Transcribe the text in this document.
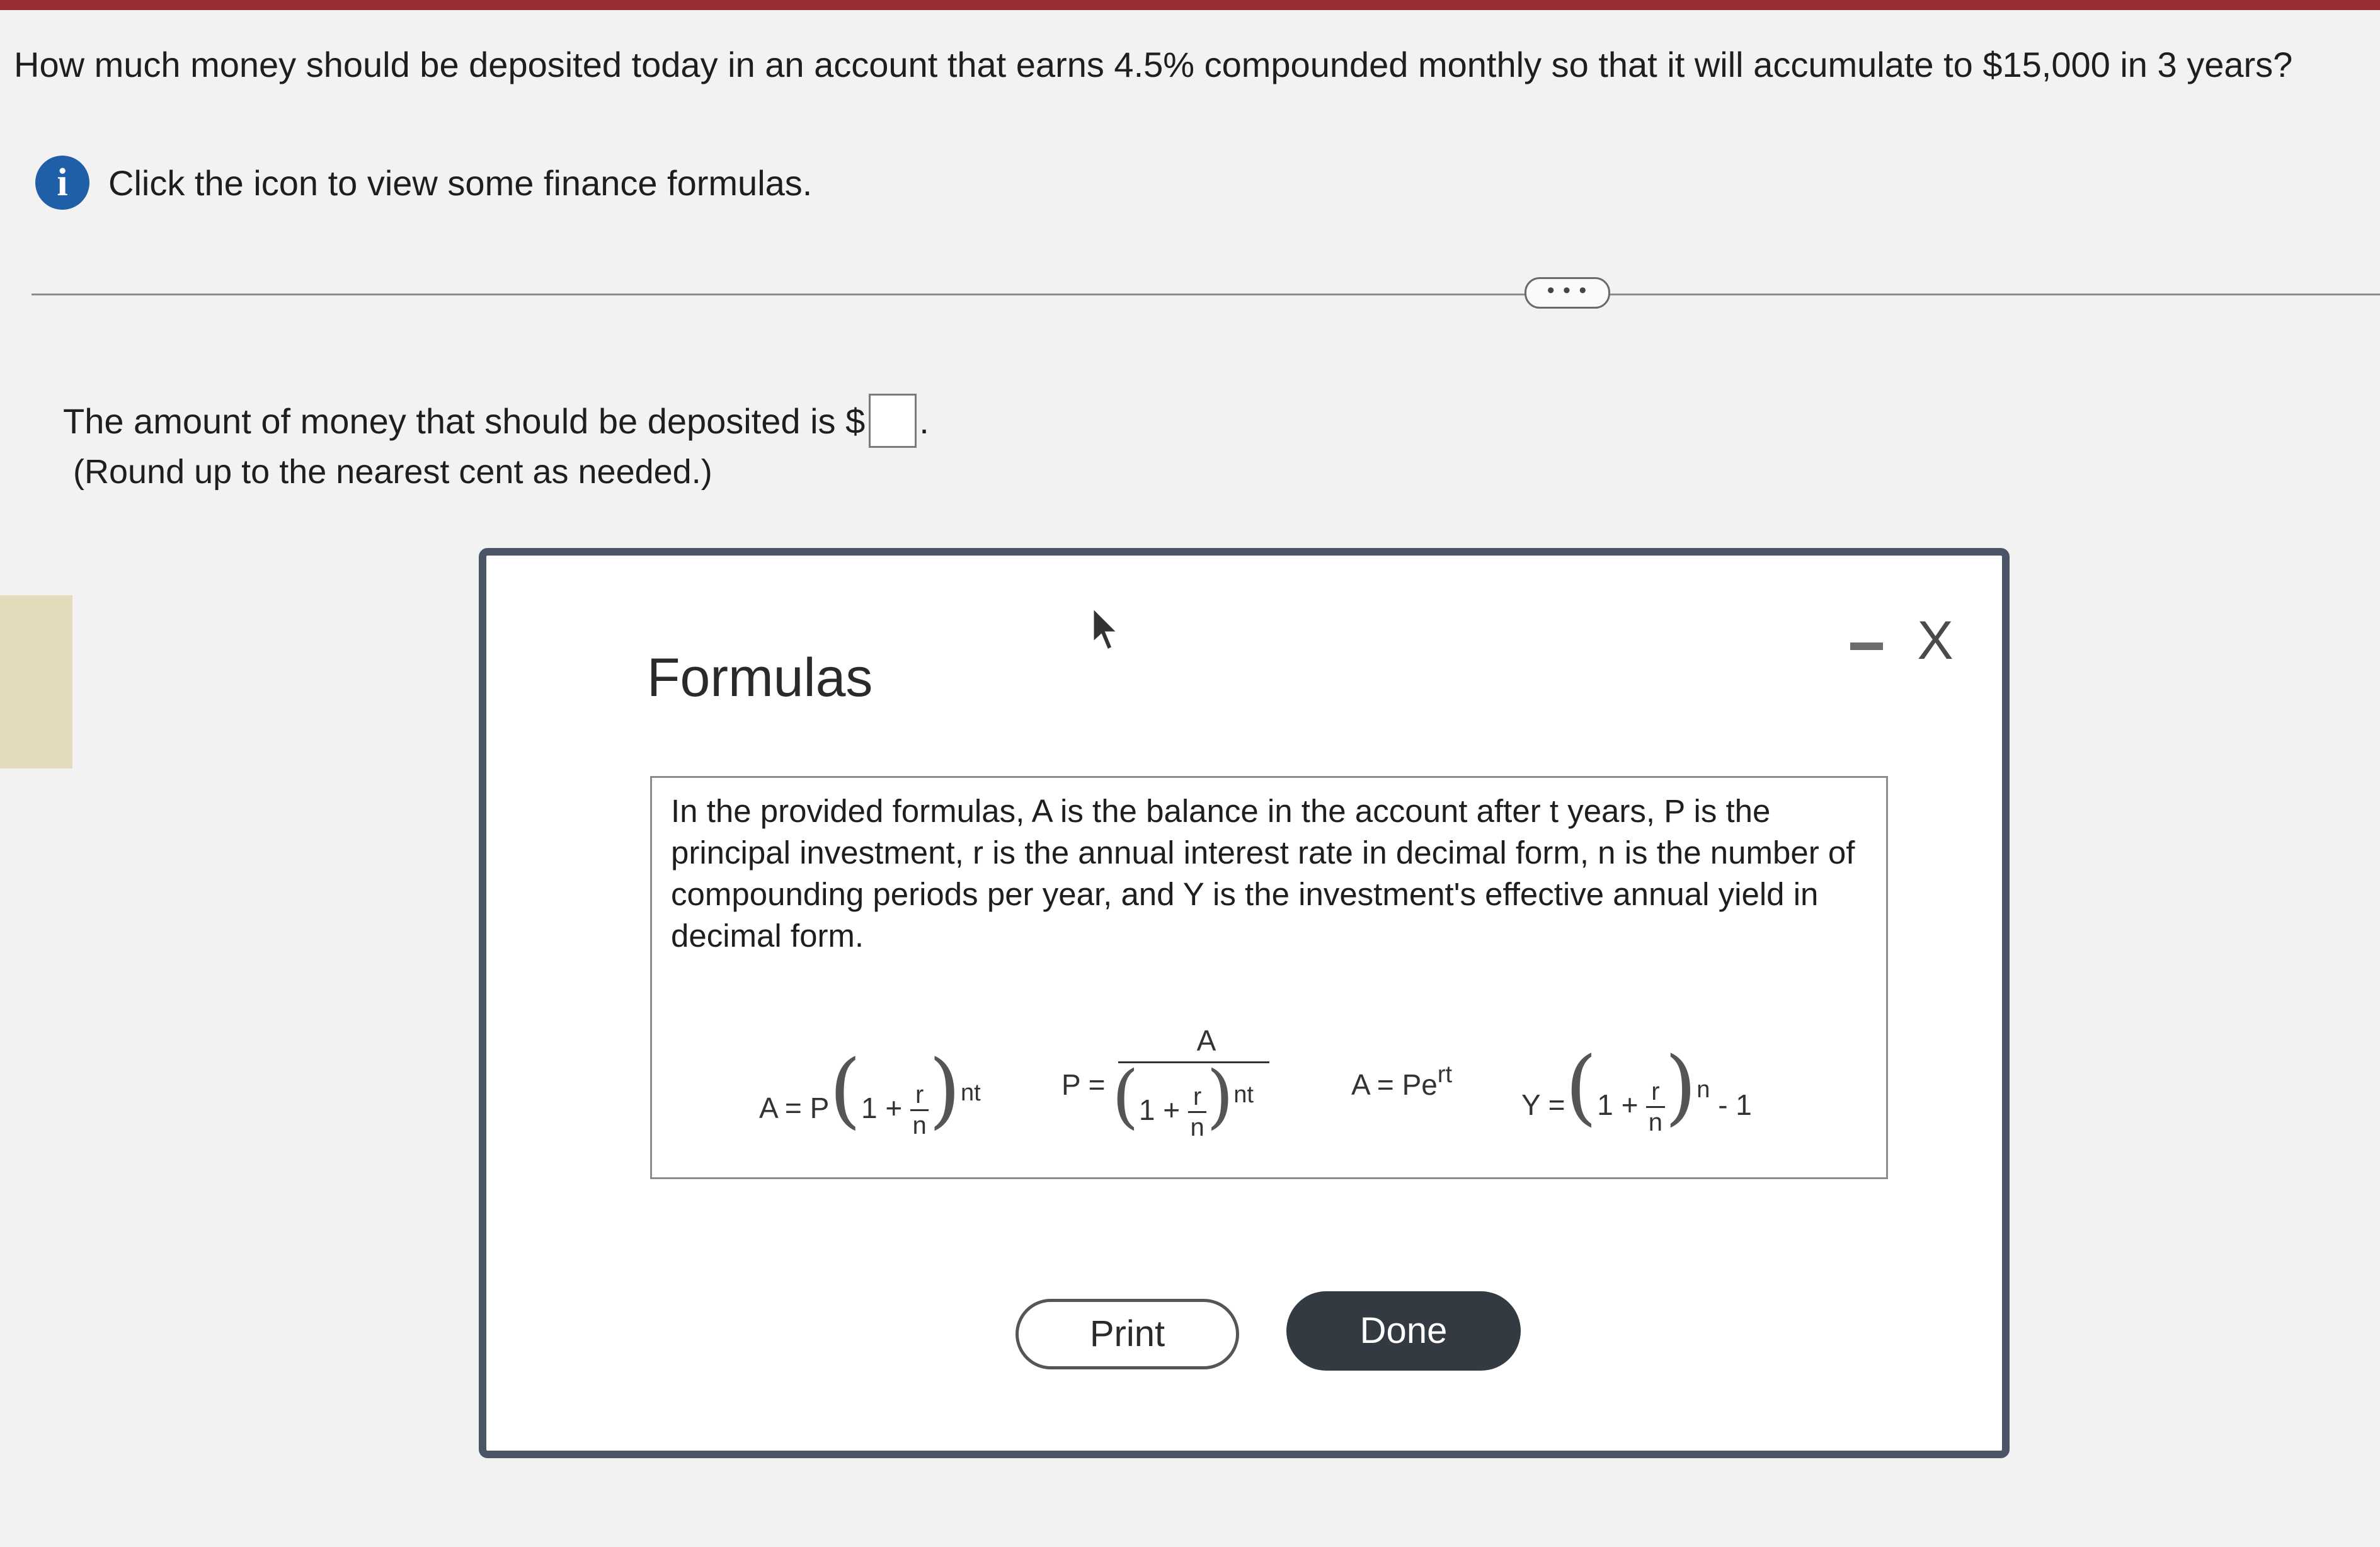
How much money should be deposited today in an account that earns 4.5% compounded monthly so that it will accumulate to $15,000 in 3 years?
i	Click the icon to view some finance formulas.
• • •
The amount of money that should be deposited is $ .
(Round up to the nearest cent as needed.)
Formulas
X
In the provided formulas, A is the balance in the account after t years, P is the principal investment, r is the annual interest rate in decimal form, n is the number of compounding periods per year, and Y is the investment's effective annual yield in decimal form.
$A = P(1 + \frac{r}{n} )^{nt}$	P =
A
$(1 + \frac{r}{n} )^{nt}$	$A = Pe^{rt}$
$Y =(1 + \frac{r}{n} )^n - 1$
Print	Done
